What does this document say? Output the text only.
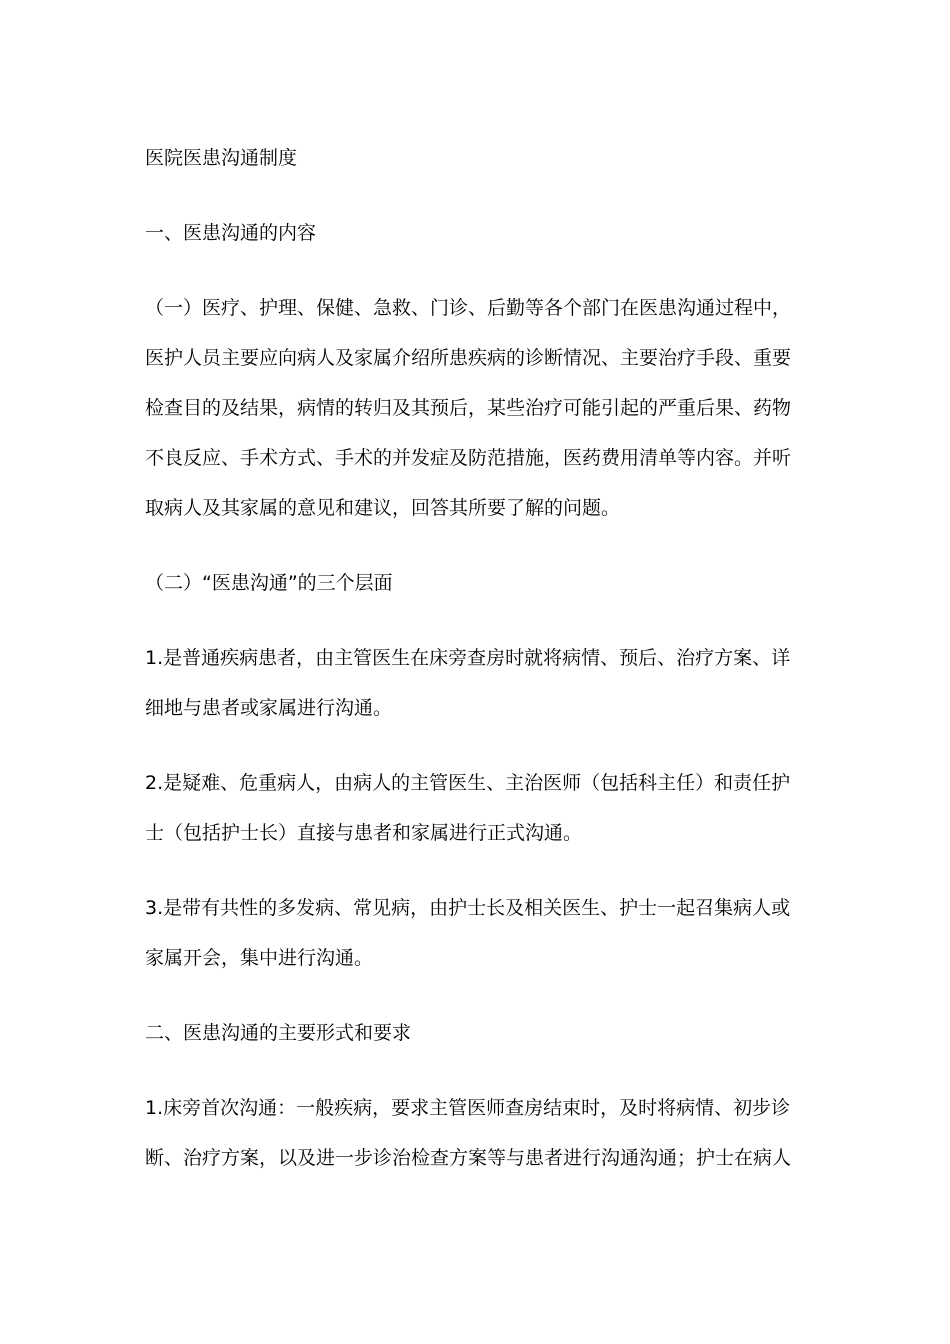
医院医患沟通制度
一、医患沟通的内容
（一）医疗、护理、保健、急救、门诊、后勤等各个部门在医患沟通过程中，
医护人员主要应向病人及家属介绍所患疾病的诊断情况、主要治疗手段、重要
检查目的及结果，病情的转归及其预后，某些治疗可能引起的严重后果、药物
不良反应、手术方式、手术的并发症及防范措施，医药费用清单等内容。并听
取病人及其家属的意见和建议，回答其所要了解的问题。
（二）“医患沟通”的三个层面
1.是普通疾病患者，由主管医生在床旁查房时就将病情、预后、治疗方案、详
细地与患者或家属进行沟通。
2.是疑难、危重病人，由病人的主管医生、主治医师（包括科主任）和责任护
士（包括护士长）直接与患者和家属进行正式沟通。
3.是带有共性的多发病、常见病，由护士长及相关医生、护士一起召集病人或
家属开会，集中进行沟通。
二、医患沟通的主要形式和要求
1.床旁首次沟通：一般疾病，要求主管医师查房结束时，及时将病情、初步诊
断、治疗方案，以及进一步诊治检查方案等与患者进行沟通沟通；护士在病人
